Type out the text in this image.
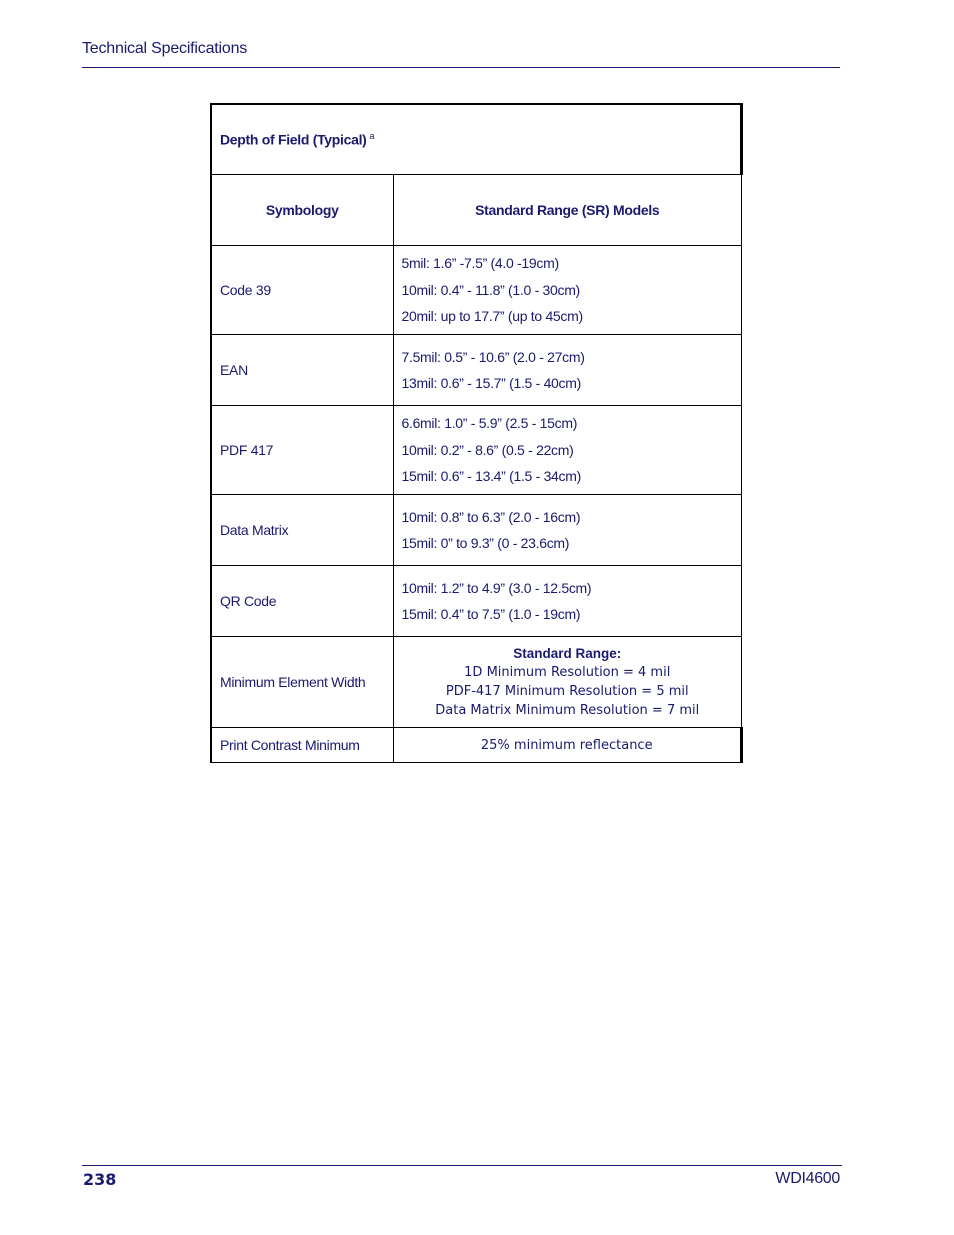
Technical Specifications
Depth of Field (Typical) $^a$
Symbology	Standard Range (SR) Models
Code 39	5mil: 1.6” -7.5” (4.0 -19cm)
10mil: 0.4” - 11.8” (1.0 - 30cm)
20mil: up to 17.7” (up to 45cm)

EAN	7.5mil: 0.5” - 10.6” (2.0 - 27cm)
13mil: 0.6” - 15.7” (1.5 - 40cm)

PDF 417	6.6mil: 1.0” - 5.9” (2.5 - 15cm)
10mil: 0.2” - 8.6” (0.5 - 22cm)
15mil: 0.6” - 13.4” (1.5 - 34cm)

Data Matrix	10mil: 0.8” to 6.3” (2.0 - 16cm)
15mil: 0” to 9.3” (0 - 23.6cm)

QR Code	10mil: 1.2” to 4.9” (3.0 - 12.5cm)
15mil: 0.4” to 7.5” (1.0 - 19cm)

Minimum Element Width	Standard Range:
1D Minimum Resolution = 4 mil
PDF-417 Minimum Resolution = 5 mil
Data Matrix Minimum Resolution = 7 mil

Print Contrast Minimum	25% minimum reflectance
238	WDI4600
